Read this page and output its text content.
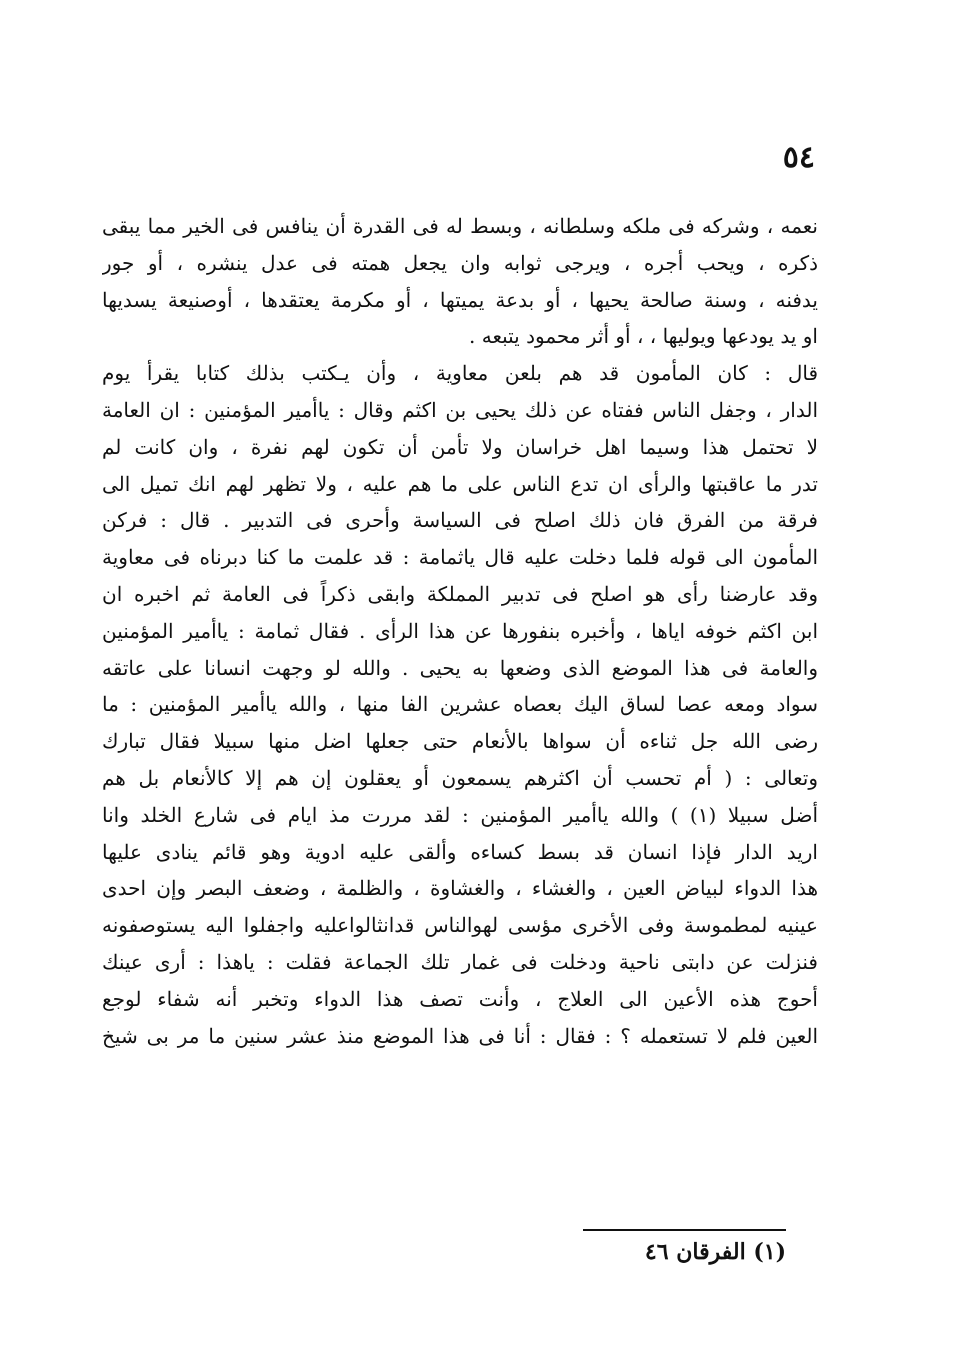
٥٤
نعمه ، وشركه فى ملكه وسلطانه ، وبسط له فى القدرة أن ينافس فى الخير مما يبقى
ذكره ، ويحب أجره ، ويرجى ثوابه وان يجعل همته فى عدل ينشره ، أو جور
يدفنه ، وسنة صالحة يحيها ، أو بدعة يميتها ، أو مكرمة يعتقدها ، أوصنيعة يسديها
او يد يودعها ويوليها ، ، أو أثر محمود يتبعه .
قال : كان المأمون قد هم بلعن معاوية ، وأن يـكتب بذلك كتابا يقرأ يوم
الدار ، وجفل الناس ففتاه عن ذلك يحيى بن اكثم وقال : ياأمير المؤمنين : ان العامة
لا تحتمل هذا وسيما اهل خراسان ولا تأمن أن تكون لهم نفرة ، وان كانت لم
تدر ما عاقبتها والرأى ان تدع الناس على ما هم عليه ، ولا تظهر لهم انك تميل الى
فرقة من الفرق فان ذلك اصلح فى السياسة وأحرى فى التدبير . قال : فركن
المأمون الى قوله فلما دخلت عليه قال ياثمامة : قد علمت ما كنا دبرناه فى معاوية
وقد عارضنا رأى هو اصلح فى تدبير المملكة وابقى ذكراً فى العامة ثم اخبره ان
ابن اكثم خوفه اياها ، وأخبره بنفورها عن هذا الرأى . فقال ثمامة : ياأمير المؤمنين
والعامة فى هذا الموضع الذى وضعها به يحيى . والله لو وجهت انسانا على عاتقه
سواد ومعه عصا لساق اليك بعصاه عشرين الفا منها ، والله ياأمير المؤمنين : ما
رضى الله جل ثناءه أن سواها بالأنعام حتى جعلها اضل منها سبيلا فقال تبارك
وتعالى : ( أم تحسب أن اكثرهم يسمعون أو يعقلون إن هم إلا كالأنعام بل هم
أضل سبيلا (١) ) والله ياأمير المؤمنين : لقد مررت مذ ايام فى شارع الخلد وانا
اريد الدار فإذا انسان قد بسط كساءه وألقى عليه ادوية وهو قائم ينادى عليها
هذا الدواء لبياض العين ، والغشاء ، والغشاوة ، والظلمة ، وضعف البصر وإن احدى
عينيه لمطموسة وفى الأخرى مؤسى لهوالناس قدانثالواعليه واجفلوا اليه يستوصفونه
فنزلت عن دابتى ناحية ودخلت فى غمار تلك الجماعة فقلت : ياهذا : أرى عينك
أحوج هذه الأعين الى العلاج ، وأنت تصف هذا الدواء وتخبر أنه شفاء لوجع
العين فلم لا تستعمله ؟ : فقال : أنا فى هذا الموضع منذ عشر سنين ما مر بى شيخ
(١) الفرقان ٤٦
